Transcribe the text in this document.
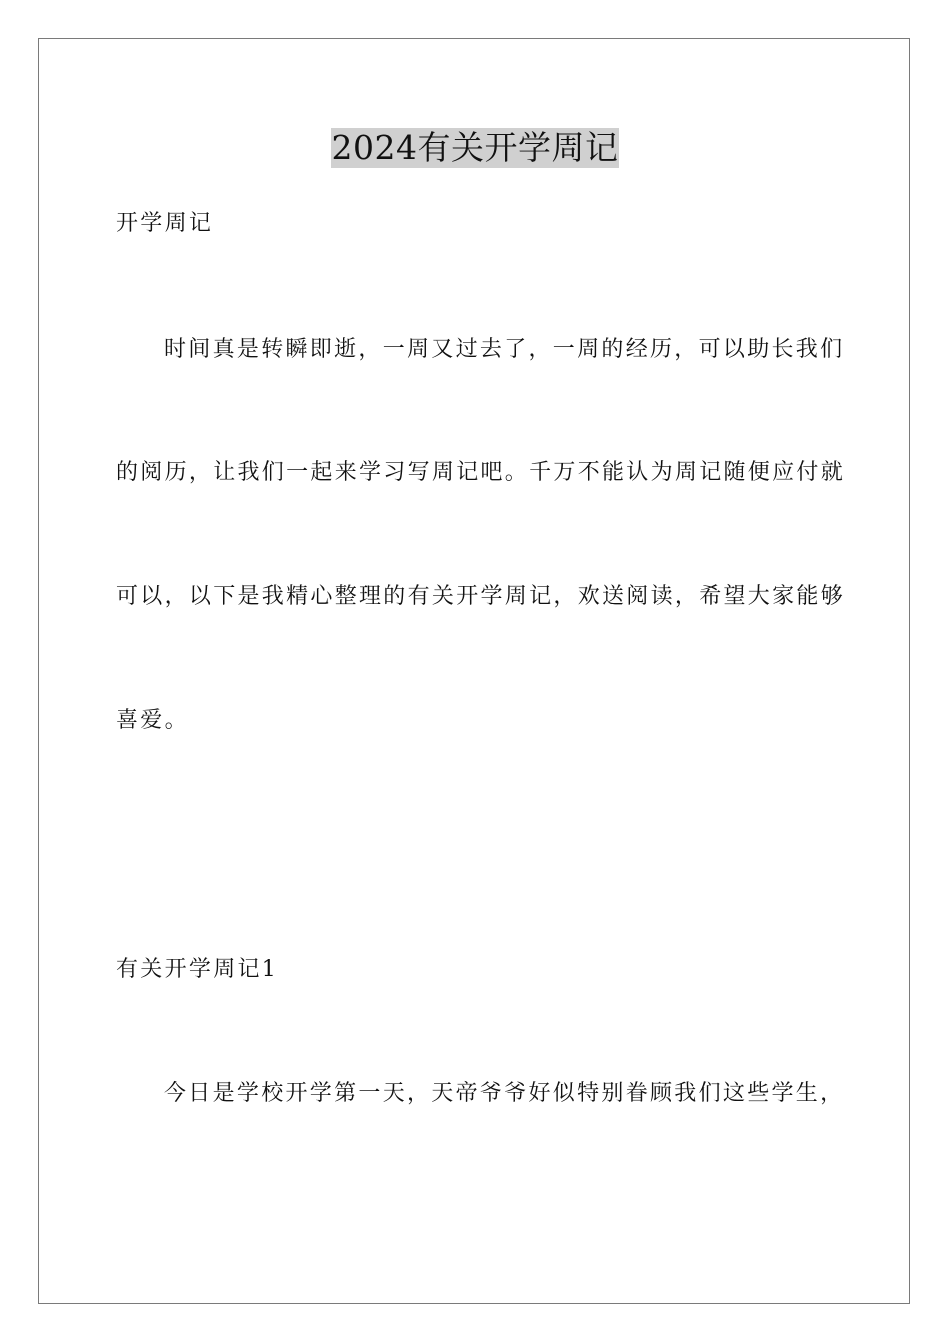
2024有关开学周记
开学周记
时间真是转瞬即逝，一周又过去了，一周的经历，可以助长我们
的阅历，让我们一起来学习写周记吧。千万不能认为周记随便应付就
可以，以下是我精心整理的有关开学周记，欢送阅读，希望大家能够
喜爱。
有关开学周记1
今日是学校开学第一天，天帝爷爷好似特别眷顾我们这些学生，
